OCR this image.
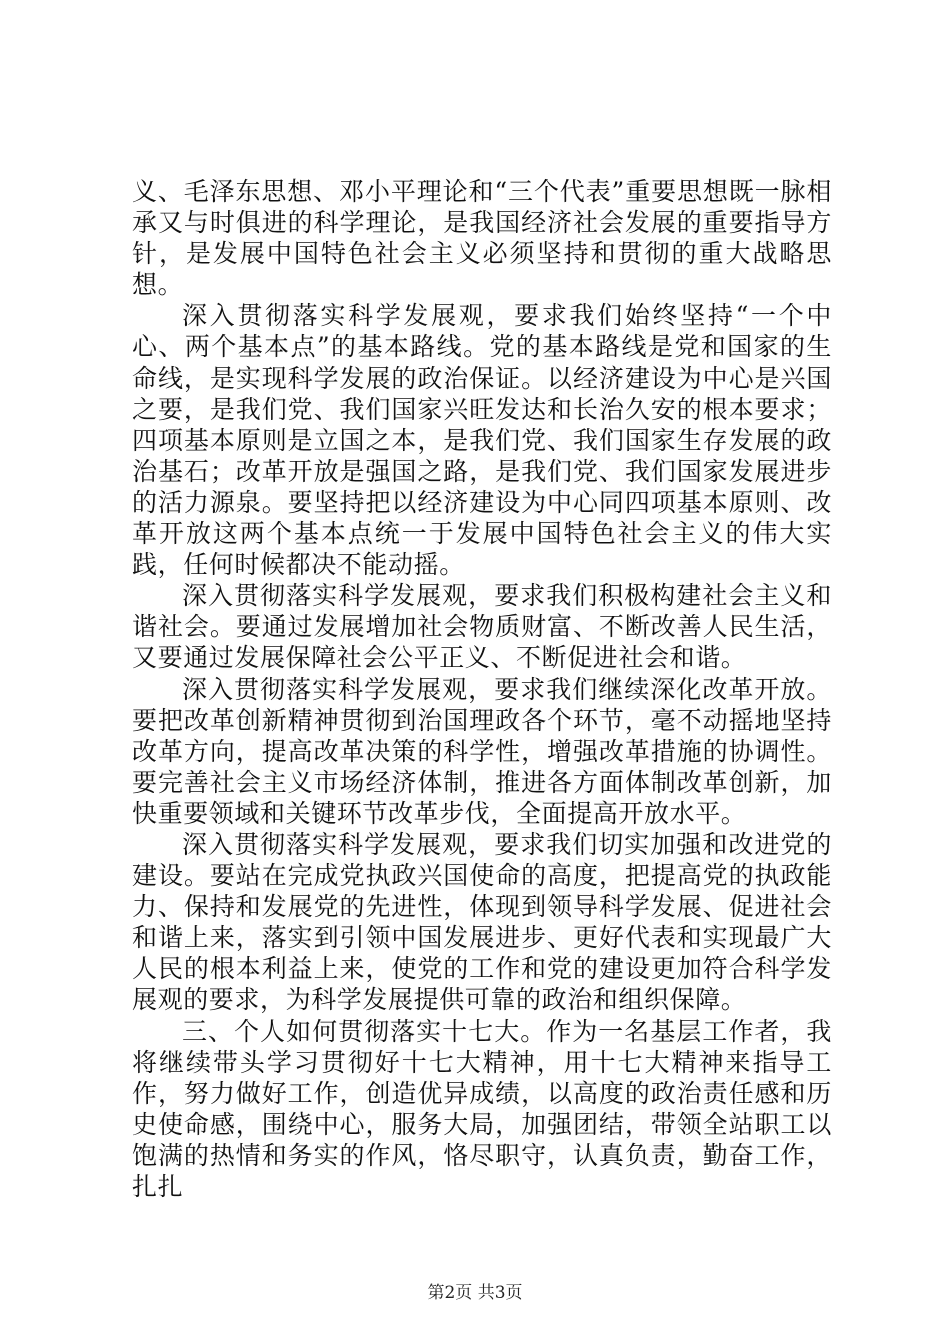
义、毛泽东思想、邓小平理论和“三个代表”重要思想既一脉相承又与时俱进的科学理论，是我国经济社会发展的重要指导方针，是发展中国特色社会主义必须坚持和贯彻的重大战略思想。

深入贯彻落实科学发展观，要求我们始终坚持“一个中心、两个基本点”的基本路线。党的基本路线是党和国家的生命线，是实现科学发展的政治保证。以经济建设为中心是兴国之要，是我们党、我们国家兴旺发达和长治久安的根本要求；四项基本原则是立国之本，是我们党、我们国家生存发展的政治基石；改革开放是强国之路，是我们党、我们国家发展进步的活力源泉。要坚持把以经济建设为中心同四项基本原则、改革开放这两个基本点统一于发展中国特色社会主义的伟大实践，任何时候都决不能动摇。

深入贯彻落实科学发展观，要求我们积极构建社会主义和谐社会。要通过发展增加社会物质财富、不断改善人民生活，又要通过发展保障社会公平正义、不断促进社会和谐。

深入贯彻落实科学发展观，要求我们继续深化改革开放。要把改革创新精神贯彻到治国理政各个环节，毫不动摇地坚持改革方向，提高改革决策的科学性，增强改革措施的协调性。要完善社会主义市场经济体制，推进各方面体制改革创新，加快重要领域和关键环节改革步伐，全面提高开放水平。

深入贯彻落实科学发展观，要求我们切实加强和改进党的建设。要站在完成党执政兴国使命的高度，把提高党的执政能力、保持和发展党的先进性，体现到领导科学发展、促进社会和谐上来，落实到引领中国发展进步、更好代表和实现最广大人民的根本利益上来，使党的工作和党的建设更加符合科学发展观的要求，为科学发展提供可靠的政治和组织保障。

三、个人如何贯彻落实十七大。作为一名基层工作者，我将继续带头学习贯彻好十七大精神，用十七大精神来指导工作，努力做好工作，创造优异成绩，以高度的政治责任感和历史使命感，围绕中心，服务大局，加强团结，带领全站职工以饱满的热情和务实的作风，恪尽职守，认真负责，勤奋工作，扎扎

第2页 共3页
